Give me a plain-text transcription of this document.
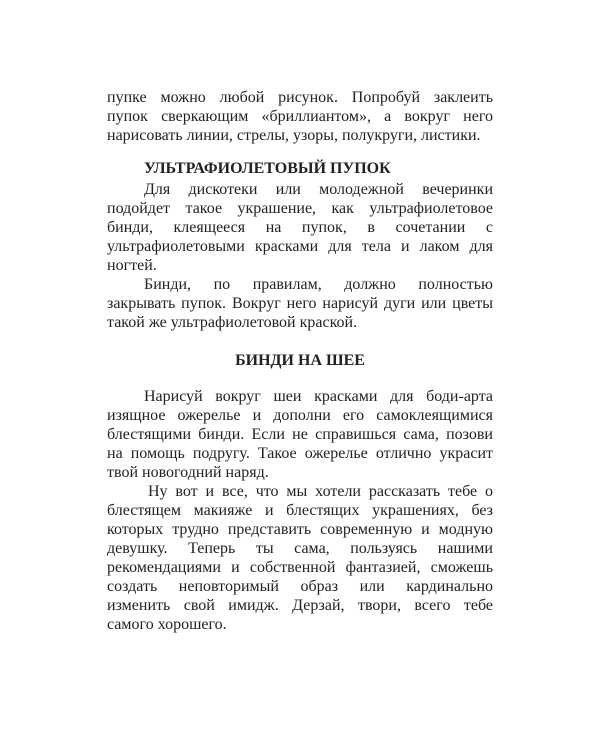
пупке можно любой рисунок. Попробуй заклеить
пупок сверкающим «бриллиантом», а вокруг него
нарисовать линии, стрелы, узоры, полукруги, листики.
УЛЬТРАФИОЛЕТОВЫЙ ПУПОК
Для дискотеки или молодежной вечеринки
подойдет такое украшение, как ультрафиолетовое
бинди, клеящееся на пупок, в сочетании с
ультрафиолетовыми красками для тела и лаком для
ногтей.
Бинди, по правилам, должно полностью
закрывать пупок. Вокруг него нарисуй дуги или цветы
такой же ультрафиолетовой краской.
БИНДИ НА ШЕЕ
Нарисуй вокруг шеи красками для боди-арта
изящное ожерелье и дополни его самоклеящимися
блестящими бинди. Если не справишься сама, позови
на помощь подругу. Такое ожерелье отлично украсит
твой новогодний наряд.
Ну вот и все, что мы хотели рассказать тебе о
блестящем макияже и блестящих украшениях, без
которых трудно представить современную и модную
девушку. Теперь ты сама, пользуясь нашими
рекомендациями и собственной фантазией, сможешь
создать неповторимый образ или кардинально
изменить свой имидж. Дерзай, твори, всего тебе
самого хорошего.
